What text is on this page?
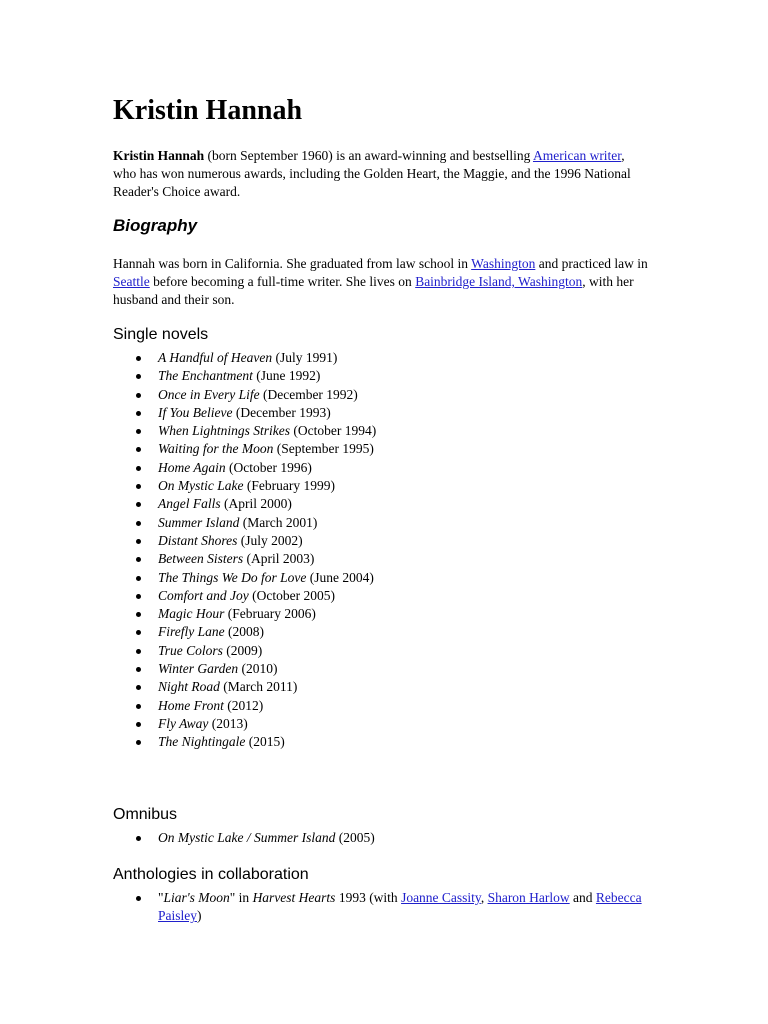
Kristin Hannah

Kristin Hannah (born September 1960) is an award-winning and bestselling American writer, who has won numerous awards, including the Golden Heart, the Maggie, and the 1996 National Reader's Choice award.

Biography

Hannah was born in California. She graduated from law school in Washington and practiced law in Seattle before becoming a full-time writer. She lives on Bainbridge Island, Washington, with her husband and their son.

Single novels
A Handful of Heaven (July 1991)
The Enchantment (June 1992)
Once in Every Life (December 1992)
If You Believe (December 1993)
When Lightnings Strikes (October 1994)
Waiting for the Moon (September 1995)
Home Again (October 1996)
On Mystic Lake (February 1999)
Angel Falls (April 2000)
Summer Island (March 2001)
Distant Shores (July 2002)
Between Sisters (April 2003)
The Things We Do for Love (June 2004)
Comfort and Joy (October 2005)
Magic Hour (February 2006)
Firefly Lane (2008)
True Colors (2009)
Winter Garden (2010)
Night Road (March 2011)
Home Front (2012)
Fly Away (2013)
The Nightingale (2015)
Omnibus
On Mystic Lake / Summer Island (2005)
Anthologies in collaboration
"Liar's Moon" in Harvest Hearts 1993 (with Joanne Cassity, Sharon Harlow and Rebecca Paisley)
